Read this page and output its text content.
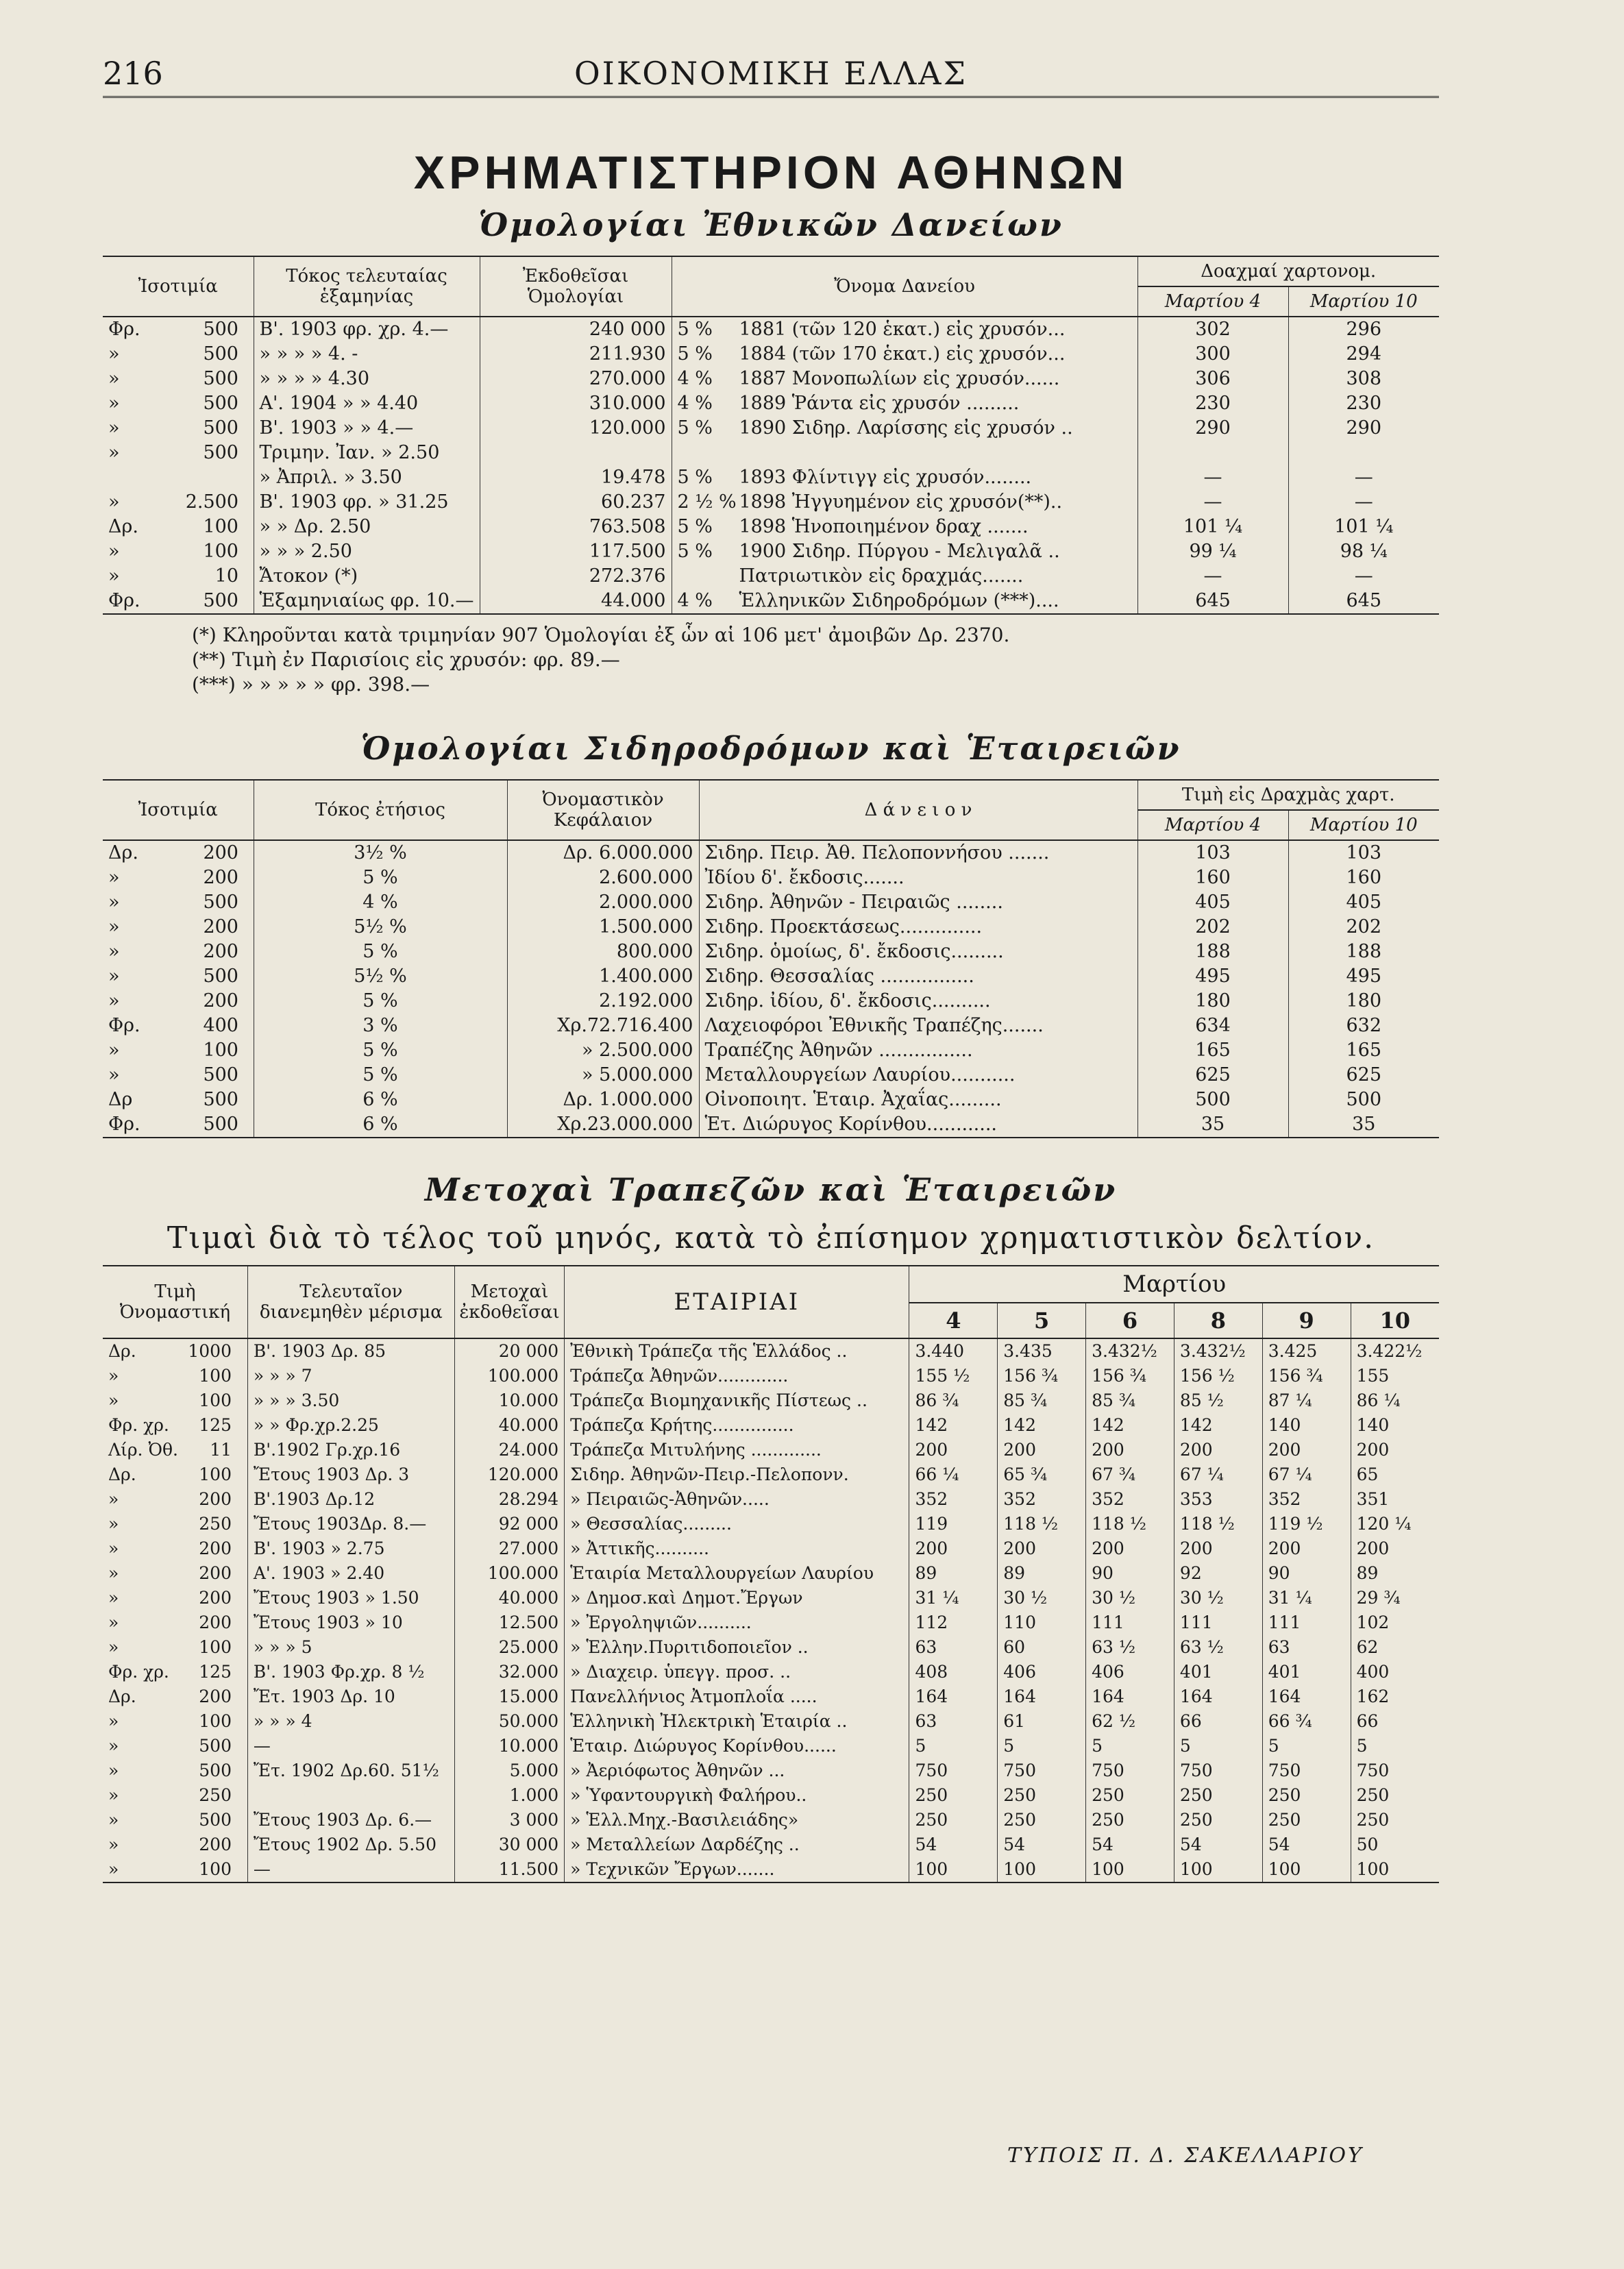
216	ΟΙΚΟΝΟΜΙΚΗ ΕΛΛΑΣ
ΧΡΗΜΑΤΙΣΤΗΡΙΟΝ ΑΘΗΝΩΝ
Ὁμολογίαι Ἐθνικῶν Δανείων
Ἰσοτιμία	Τόκος τελευταίας ἑξαμηνίας	Ἐκδοθεῖσαι Ὁμολογίαι	Ὄνομα Δανείου	Δοαχμαί χαρτονομ.	
				Μαρτίου 4	Μαρτίου 10
Φρ. 500	Β'. 1903 φρ. χρ. 4.—	240 000	5 % 1881 (τῶν 120 ἑκατ.) εἰς χρυσόν...	302	296
» 500	» » » » 4. -	211.930	5 % 1884 (τῶν 170 ἑκατ.) εἰς χρυσόν...	300	294
» 500	» » » » 4.30	270.000	4 % 1887 Μονοπωλίων εἰς χρυσόν......	306	308
» 500	Α'. 1904 » » 4.40	310.000	4 % 1889 Ῥάντα εἰς χρυσόν .........	230	230
» 500	Β'. 1903 » » 4.—	120.000	5 % 1890 Σιδηρ. Λαρίσσης εἰς χρυσόν ..	290	290
» 500	Τριμην. Ἰαν. » 2.50				
	» Ἀπριλ. » 3.50	19.478	5 % 1893 Φλίντιγγ εἰς χρυσόν........	—	—
» 2.500	Β'. 1903 φρ. » 31.25	60.237	2 ½ % 1898 Ἠγγυημένον εἰς χρυσόν(**)..	—	—
Δρ. 100	» » Δρ. 2.50	763.508	5 % 1898 Ἡνοποιημένον δραχ .......	101 ¼	101 ¼
» 100	» » » 2.50	117.500	5 % 1900 Σιδηρ. Πύργου - Μελιγαλᾶ ..	99 ¼	98 ¼
» 10	Ἄτοκον (*)	272.376	Πατριωτικὸν εἰς δραχμάς.......	—	—
Φρ. 500	Ἑξαμηνιαίως φρ. 10.—	44.000	4 % Ἑλληνικῶν Σιδηροδρόμων (***)....	645	645
(*) Κληροῦνται κατὰ τριμηνίαν 907 Ὁμολογίαι ἐξ ὧν αἱ 106 μετ' ἀμοιβῶν Δρ. 2370.
(**) Τιμὴ ἐν Παρισίοις εἰς χρυσόν: φρ. 89.—
(***) » » » » » φρ. 398.—
Ὁμολογίαι Σιδηροδρόμων καὶ Ἑταιρειῶν
Ἰσοτιμία	Τόκος ἐτήσιος	Ὀνομαστικὸν Κεφάλαιον	Δ ά ν ε ι ο ν	Τιμὴ εἰς Δραχμὰς χαρτ.	
				Μαρτίου 4	Μαρτίου 10
Δρ. 200	3½ %	Δρ. 6.000.000	Σιδηρ. Πειρ. Ἀθ. Πελοποννήσου .......	103	103
» 200	5 %	2.600.000	Ἰδίου δ'. ἔκδοσις.......	160	160
» 500	4 %	2.000.000	Σιδηρ. Ἀθηνῶν - Πειραιῶς ........	405	405
» 200	5½ %	1.500.000	Σιδηρ. Προεκτάσεως..............	202	202
» 200	5 %	800.000	Σιδηρ. ὁμοίως, δ'. ἔκδοσις.........	188	188
» 500	5½ %	1.400.000	Σιδηρ. Θεσσαλίας ................	495	495
» 200	5 %	2.192.000	Σιδηρ. ἰδίου, δ'. ἔκδοσις..........	180	180
Φρ. 400	3 %	Χρ.72.716.400	Λαχειοφόροι Ἐθνικῆς Τραπέζης.......	634	632
» 100	5 %	» 2.500.000	Τραπέζης Ἀθηνῶν ................	165	165
» 500	5 %	» 5.000.000	Μεταλλουργείων Λαυρίου...........	625	625
Δρ 500	6 %	Δρ. 1.000.000	Οἰνοποιητ. Ἑταιρ. Ἀχαΐας.........	500	500
Φρ. 500	6 %	Χρ.23.000.000	Ἑτ. Διώρυγος Κορίνθου............	35	35
Μετοχαὶ Τραπεζῶν καὶ Ἑταιρειῶν
Τιμαὶ διὰ τὸ τέλος τοῦ μηνός, κατὰ τὸ ἐπίσημον χρηματιστικὸν δελτίον.
Τιμὴ Ὀνομαστική	Τελευταῖον διανεμηθὲν μέρισμα	Μετοχαὶ ἐκδοθεῖσαι	ΕΤΑΙΡΙΑΙ	Μαρτίου					
				4	5	6	8	9	10
Δρ. 1000	Β'. 1903 Δρ. 85	20 000	Ἐθνικὴ Τράπεζα τῆς Ἑλλάδος ..	3.440	3.435	3.432½	3.432½	3.425	3.422½
» 100	» » » 7	100.000	Τράπεζα Ἀθηνῶν.............	155 ½	156 ¾	156 ¾	156 ½	156 ¾	155
» 100	» » » 3.50	10.000	Τράπεζα Βιομηχανικῆς Πίστεως ..	86 ¾	85 ¾	85 ¾	85 ½	87 ¼	86 ¼
Φρ. χρ. 125	» » Φρ.χρ.2.25	40.000	Τράπεζα Κρήτης...............	142	142	142	142	140	140
Λίρ. Ὀθ. 11	Β'.1902 Γρ.χρ.16	24.000	Τράπεζα Μιτυλήνης .............	200	200	200	200	200	200
Δρ. 100	Ἔτους 1903 Δρ. 3	120.000	Σιδηρ. Ἀθηνῶν-Πειρ.-Πελοπονν.	66 ¼	65 ¾	67 ¾	67 ¼	67 ¼	65
» 200	Β'.1903 Δρ.12	28.294	» Πειραιῶς-Ἀθηνῶν.....	352	352	352	353	352	351
» 250	Ἔτους 1903Δρ. 8.—	92 000	» Θεσσαλίας.........	119	118 ½	118 ½	118 ½	119 ½	120 ¼
» 200	Β'. 1903 » 2.75	27.000	» Ἀττικῆς..........	200	200	200	200	200	200
» 200	Α'. 1903 » 2.40	100.000	Ἑταιρία Μεταλλουργείων Λαυρίου	89	89	90	92	90	89
» 200	Ἔτους 1903 » 1.50	40.000	» Δημοσ.καὶ Δημοτ.Ἔργων	31 ¼	30 ½	30 ½	30 ½	31 ¼	29 ¾
» 200	Ἔτους 1903 » 10	12.500	» Ἐργοληψιῶν..........	112	110	111	111	111	102
» 100	» » » 5	25.000	» Ἑλλην.Πυριτιδοποιεῖον ..	63	60	63 ½	63 ½	63	62
Φρ. χρ. 125	Β'. 1903 Φρ.χρ. 8 ½	32.000	» Διαχειρ. ὑπεγγ. προσ. ..	408	406	406	401	401	400
Δρ. 200	Ἔτ. 1903 Δρ. 10	15.000	Πανελλήνιος Ἀτμοπλοΐα .....	164	164	164	164	164	162
» 100	» » » 4	50.000	Ἑλληνικὴ Ἠλεκτρικὴ Ἑταιρία ..	63	61	62 ½	66	66 ¾	66
» 500	—	10.000	Ἑταιρ. Διώρυγος Κορίνθου......	5	5	5	5	5	5
» 500	Ἔτ. 1902 Δρ.60. 51½	5.000	» Ἀεριόφωτος Ἀθηνῶν ...	750	750	750	750	750	750
» 250		1.000	» Ὑφαντουργικὴ Φαλήρου..	250	250	250	250	250	250
» 500	Ἔτους 1903 Δρ. 6.—	3 000	» Ἑλλ.Μηχ.-Βασιλειάδης»	250	250	250	250	250	250
» 200	Ἔτους 1902 Δρ. 5.50	30 000	» Μεταλλείων Δαρδέζης ..	54	54	54	54	54	50
» 100	—	11.500	» Τεχνικῶν Ἔργων.......	100	100	100	100	100	100
ΤΥΠΟΙΣ Π. Δ. ΣΑΚΕΛΛΑΡΙΟΥ
